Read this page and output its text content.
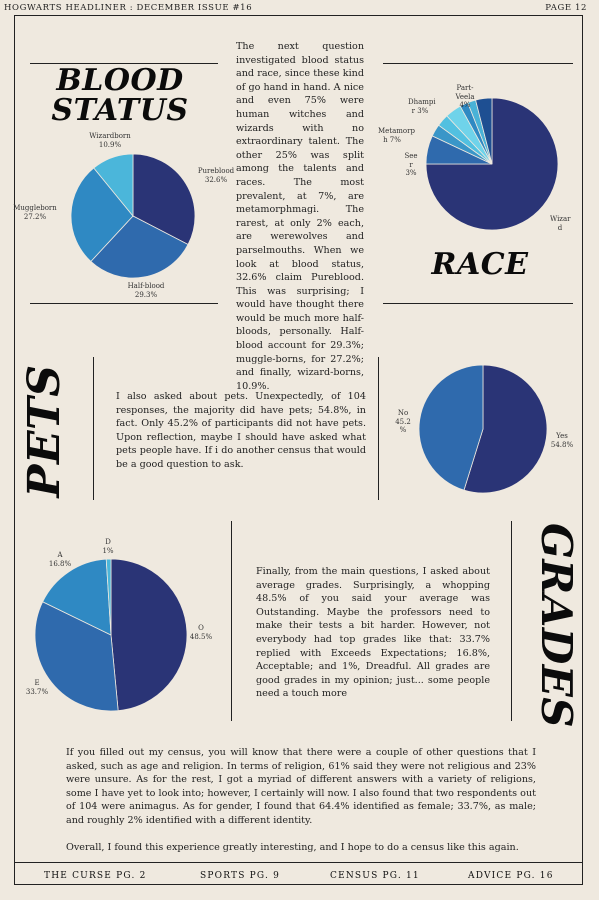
HOGWARTS HEADLINER : DECEMBER ISSUE #16	PAGE 12
BLOOD
STATUS
Wizardborn
10.9%
Pureblood
32.6%
Muggleborn
27.2%
Half-blood
29.3%
The next question investigated blood status and race, since these kind of go hand in hand. A nice and even 75% were human witches and wizards with no extraordinary talent. The other 25% was split among the talents and races. The most prevalent, at 7%, are metamorphmagi. The rarest, at only 2% each, are werewolves and parselmouths. When we look at blood status, 32.6% claim Pureblood. This was surprising; I would have thought there would be much more half-bloods, personally. Half-blood account for 29.3%; muggle-borns, for 27.2%; and finally, wizard-borns, 10.9%.
Part- Veela 4%
Dhampi r 3%
Metamorp h 7%
See r 3%
Wizar d
RACE
PETS	I also asked about pets. Unexpectedly, of 104 responses, the majority did have pets; 54.8%, in fact. Only 45.2% of participants did not have pets. Upon reflection, maybe I should have asked what pets people have. If i do another census that would be a good question to ask.
No 45.2 %
Yes 54.8%
D
1%
A
16.8%
O
48.5%
E
33.7%
Finally, from the main questions, I asked about average grades. Surprisingly, a whopping 48.5% of you said your average was Outstanding. Maybe the professors need to make their tests a bit harder. However, not everybody had top grades like that: 33.7% replied with Exceeds Expectations; 16.8%, Acceptable; and 1%, Dreadful. All grades are good grades in my opinion; just... some people need a touch more	GRADES

If you filled out my census, you will know that there were a couple of other questions that I asked, such as age and religion. In terms of religion, 61% said they were not religious and 23% were unsure. As for the rest, I got a myriad of different answers with a variety of religions, some I have yet to look into; however, I certainly will now. I also found that two respondents out of 104 were animagus. As for gender, I found that 64.4% identified as female; 33.7%, as male; and roughly 2% identified with a different identity.

Overall, I found this experience greatly interesting, and I hope to do a census like this again.

THE CURSE PG. 2	SPORTS PG. 9	CENSUS PG. 11	ADVICE PG. 16
